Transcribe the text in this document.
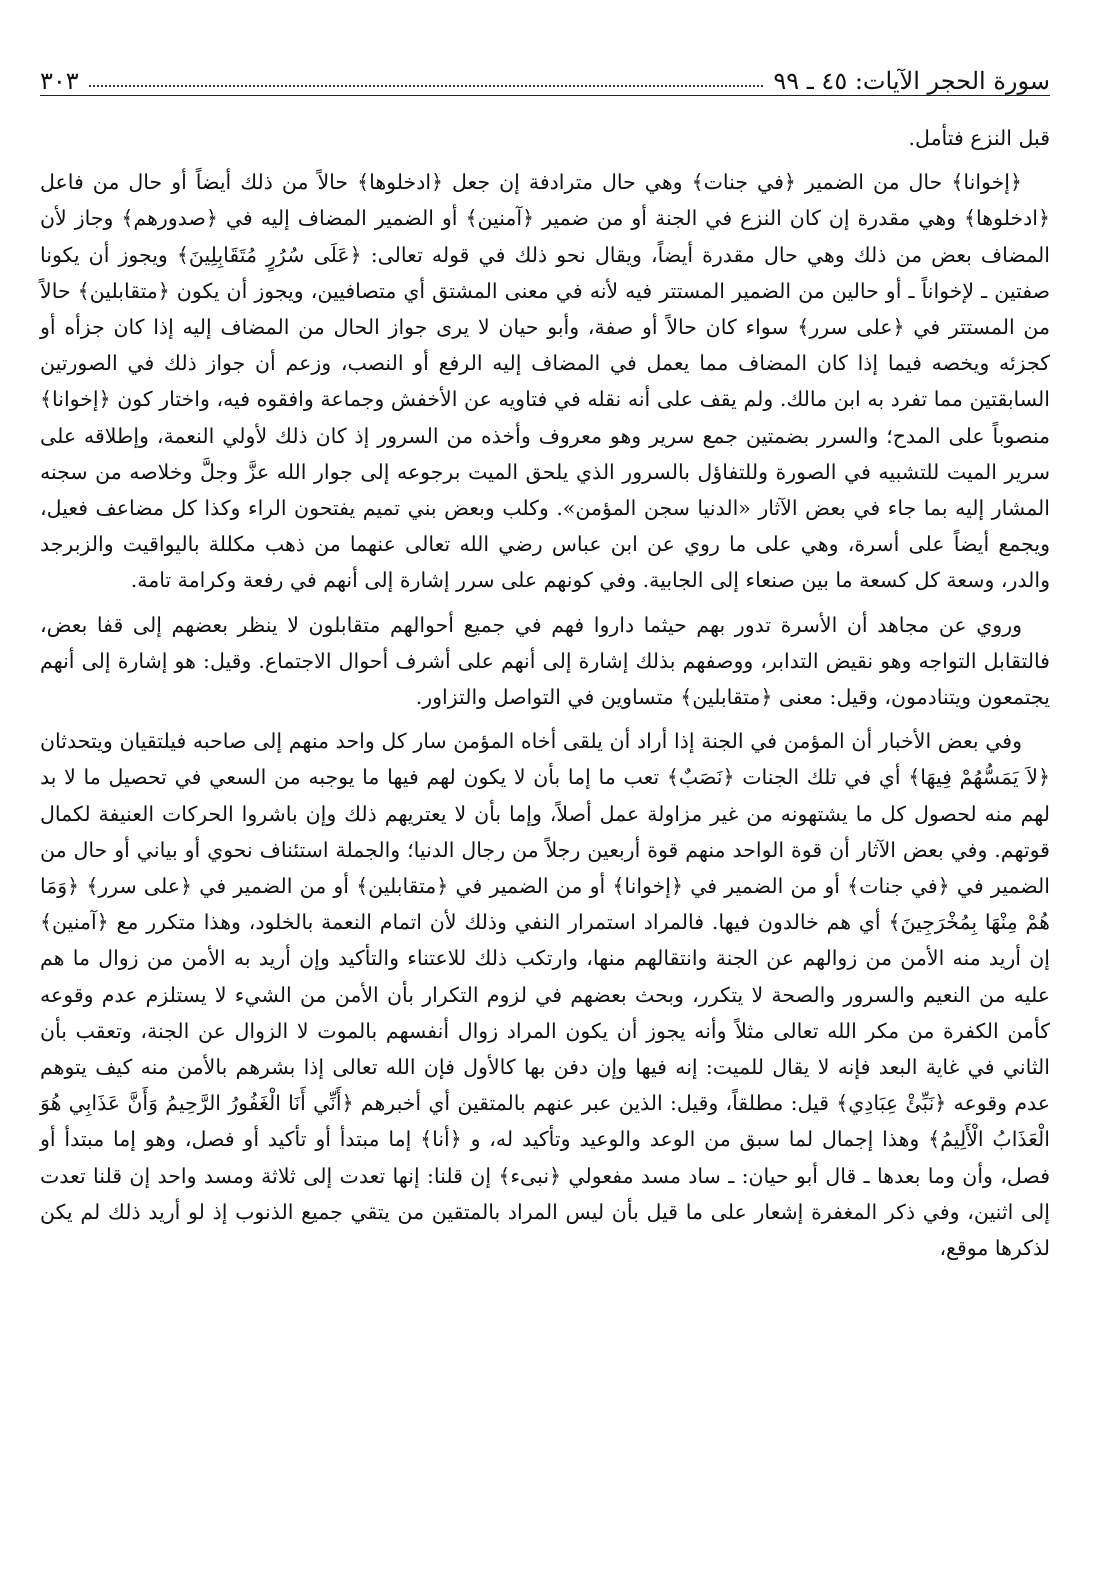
سورة الحجر الآيات: ٤٥ ـ ٩٩
٣٠٣

قبل النزع فتأمل.

﴿إخوانا﴾ حال من الضمير ﴿في جنات﴾ وهي حال مترادفة إن جعل ﴿ادخلوها﴾ حالاً من ذلك أيضاً أو حال من فاعل ﴿ادخلوها﴾ وهي مقدرة إن كان النزع في الجنة أو من ضمير ﴿آمنين﴾ أو الضمير المضاف إليه في ﴿صدورهم﴾ وجاز لأن المضاف بعض من ذلك وهي حال مقدرة أيضاً، ويقال نحو ذلك في قوله تعالى: ﴿عَلَى سُرُرٍ مُتَقَابِلِينَ﴾ ويجوز أن يكونا صفتين ـ لإخواناً ـ أو حالين من الضمير المستتر فيه لأنه في معنى المشتق أي متصافيين، ويجوز أن يكون ﴿متقابلين﴾ حالاً من المستتر في ﴿على سرر﴾ سواء كان حالاً أو صفة، وأبو حيان لا يرى جواز الحال من المضاف إليه إذا كان جزأه أو كجزئه ويخصه فيما إذا كان المضاف مما يعمل في المضاف إليه الرفع أو النصب، وزعم أن جواز ذلك في الصورتين السابقتين مما تفرد به ابن مالك. ولم يقف على أنه نقله في فتاويه عن الأخفش وجماعة وافقوه فيه، واختار كون ﴿إخوانا﴾ منصوباً على المدح؛ والسرر بضمتين جمع سرير وهو معروف وأخذه من السرور إذ كان ذلك لأولي النعمة، وإطلاقه على سرير الميت للتشبيه في الصورة وللتفاؤل بالسرور الذي يلحق الميت برجوعه إلى جوار الله عزَّ وجلَّ وخلاصه من سجنه المشار إليه بما جاء في بعض الآثار «الدنيا سجن المؤمن». وكلب وبعض بني تميم يفتحون الراء وكذا كل مضاعف فعيل، ويجمع أيضاً على أسرة، وهي على ما روي عن ابن عباس رضي الله تعالى عنهما من ذهب مكللة باليواقيت والزبرجد والدر، وسعة كل كسعة ما بين صنعاء إلى الجابية. وفي كونهم على سرر إشارة إلى أنهم في رفعة وكرامة تامة.

وروي عن مجاهد أن الأسرة تدور بهم حيثما داروا فهم في جميع أحوالهم متقابلون لا ينظر بعضهم إلى قفا بعض، فالتقابل التواجه وهو نقيض التدابر، ووصفهم بذلك إشارة إلى أنهم على أشرف أحوال الاجتماع. وقيل: هو إشارة إلى أنهم يجتمعون ويتنادمون، وقيل: معنى ﴿متقابلين﴾ متساوين في التواصل والتزاور.

وفي بعض الأخبار أن المؤمن في الجنة إذا أراد أن يلقى أخاه المؤمن سار كل واحد منهم إلى صاحبه فيلتقيان ويتحدثان ﴿لاَ يَمَسُّهُمْ فِيهَا﴾ أي في تلك الجنات ﴿نَصَبٌ﴾ تعب ما إما بأن لا يكون لهم فيها ما يوجبه من السعي في تحصيل ما لا بد لهم منه لحصول كل ما يشتهونه من غير مزاولة عمل أصلاً، وإما بأن لا يعتريهم ذلك وإن باشروا الحركات العنيفة لكمال قوتهم. وفي بعض الآثار أن قوة الواحد منهم قوة أربعين رجلاً من رجال الدنيا؛ والجملة استئناف نحوي أو بياني أو حال من الضمير في ﴿في جنات﴾ أو من الضمير في ﴿إخوانا﴾ أو من الضمير في ﴿متقابلين﴾ أو من الضمير في ﴿على سرر﴾ ﴿وَمَا هُمْ مِنْهَا بِمُخْرَجِينَ﴾ أي هم خالدون فيها. فالمراد استمرار النفي وذلك لأن اتمام النعمة بالخلود، وهذا متكرر مع ﴿آمنين﴾ إن أريد منه الأمن من زوالهم عن الجنة وانتقالهم منها، وارتكب ذلك للاعتناء والتأكيد وإن أريد به الأمن من زوال ما هم عليه من النعيم والسرور والصحة لا يتكرر، وبحث بعضهم في لزوم التكرار بأن الأمن من الشيء لا يستلزم عدم وقوعه كأمن الكفرة من مكر الله تعالى مثلاً وأنه يجوز أن يكون المراد زوال أنفسهم بالموت لا الزوال عن الجنة، وتعقب بأن الثاني في غاية البعد فإنه لا يقال للميت: إنه فيها وإن دفن بها كالأول فإن الله تعالى إذا بشرهم بالأمن منه كيف يتوهم عدم وقوعه ﴿نَبِّئْ عِبَادِي﴾ قيل: مطلقاً، وقيل: الذين عبر عنهم بالمتقين أي أخبرهم ﴿أَنِّي أَنَا الْغَفُورُ الرَّحِيمُ وَأَنَّ عَذَابِي هُوَ الْعَذَابُ الْأَلِيمُ﴾ وهذا إجمال لما سبق من الوعد والوعيد وتأكيد له، و ﴿أنا﴾ إما مبتدأ أو تأكيد أو فصل، وهو إما مبتدأ أو فصل، وأن وما بعدها ـ قال أبو حيان: ـ ساد مسد مفعولي ﴿نبىء﴾ إن قلنا: إنها تعدت إلى ثلاثة ومسد واحد إن قلنا تعدت إلى اثنين، وفي ذكر المغفرة إشعار على ما قيل بأن ليس المراد بالمتقين من يتقي جميع الذنوب إذ لو أريد ذلك لم يكن لذكرها موقع،
